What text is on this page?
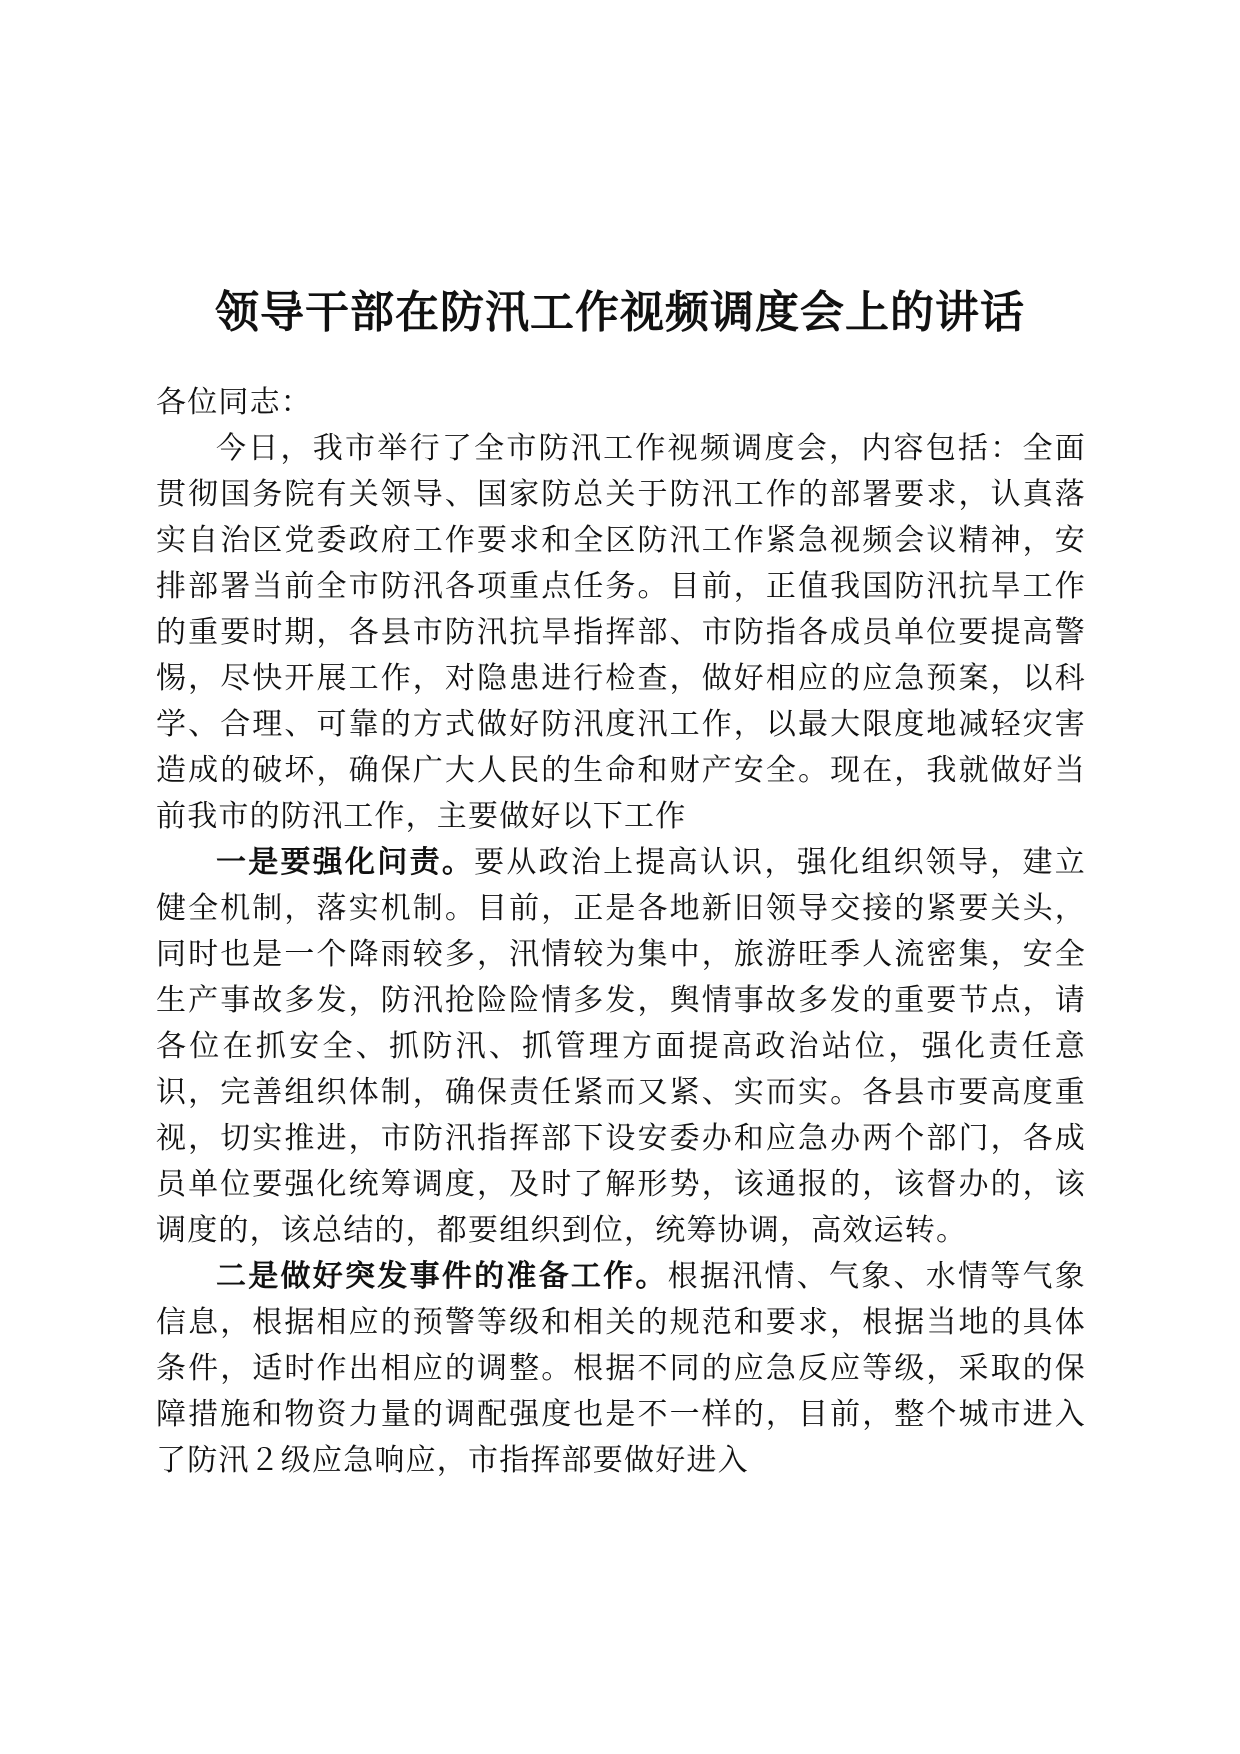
领导干部在防汛工作视频调度会上的讲话

各位同志：

今日，我市举行了全市防汛工作视频调度会，内容包括：全面贯彻国务院有关领导、国家防总关于防汛工作的部署要求，认真落实自治区党委政府工作要求和全区防汛工作紧急视频会议精神，安排部署当前全市防汛各项重点任务。目前，正值我国防汛抗旱工作的重要时期，各县市防汛抗旱指挥部、市防指各成员单位要提高警惕，尽快开展工作，对隐患进行检查，做好相应的应急预案，以科学、合理、可靠的方式做好防汛度汛工作，以最大限度地减轻灾害造成的破坏，确保广大人民的生命和财产安全。现在，我就做好当前我市的防汛工作，主要做好以下工作

一是要强化问责。要从政治上提高认识，强化组织领导，建立健全机制，落实机制。目前，正是各地新旧领导交接的紧要关头，同时也是一个降雨较多，汛情较为集中，旅游旺季人流密集，安全生产事故多发，防汛抢险险情多发，舆情事故多发的重要节点，请各位在抓安全、抓防汛、抓管理方面提高政治站位，强化责任意识，完善组织体制，确保责任紧而又紧、实而实。各县市要高度重视，切实推进，市防汛指挥部下设安委办和应急办两个部门，各成员单位要强化统筹调度，及时了解形势，该通报的，该督办的，该调度的，该总结的，都要组织到位，统筹协调，高效运转。

二是做好突发事件的准备工作。根据汛情、气象、水情等气象信息，根据相应的预警等级和相关的规范和要求，根据当地的具体条件，适时作出相应的调整。根据不同的应急反应等级，采取的保障措施和物资力量的调配强度也是不一样的，目前，整个城市进入了防汛２级应急响应，市指挥部要做好进入
